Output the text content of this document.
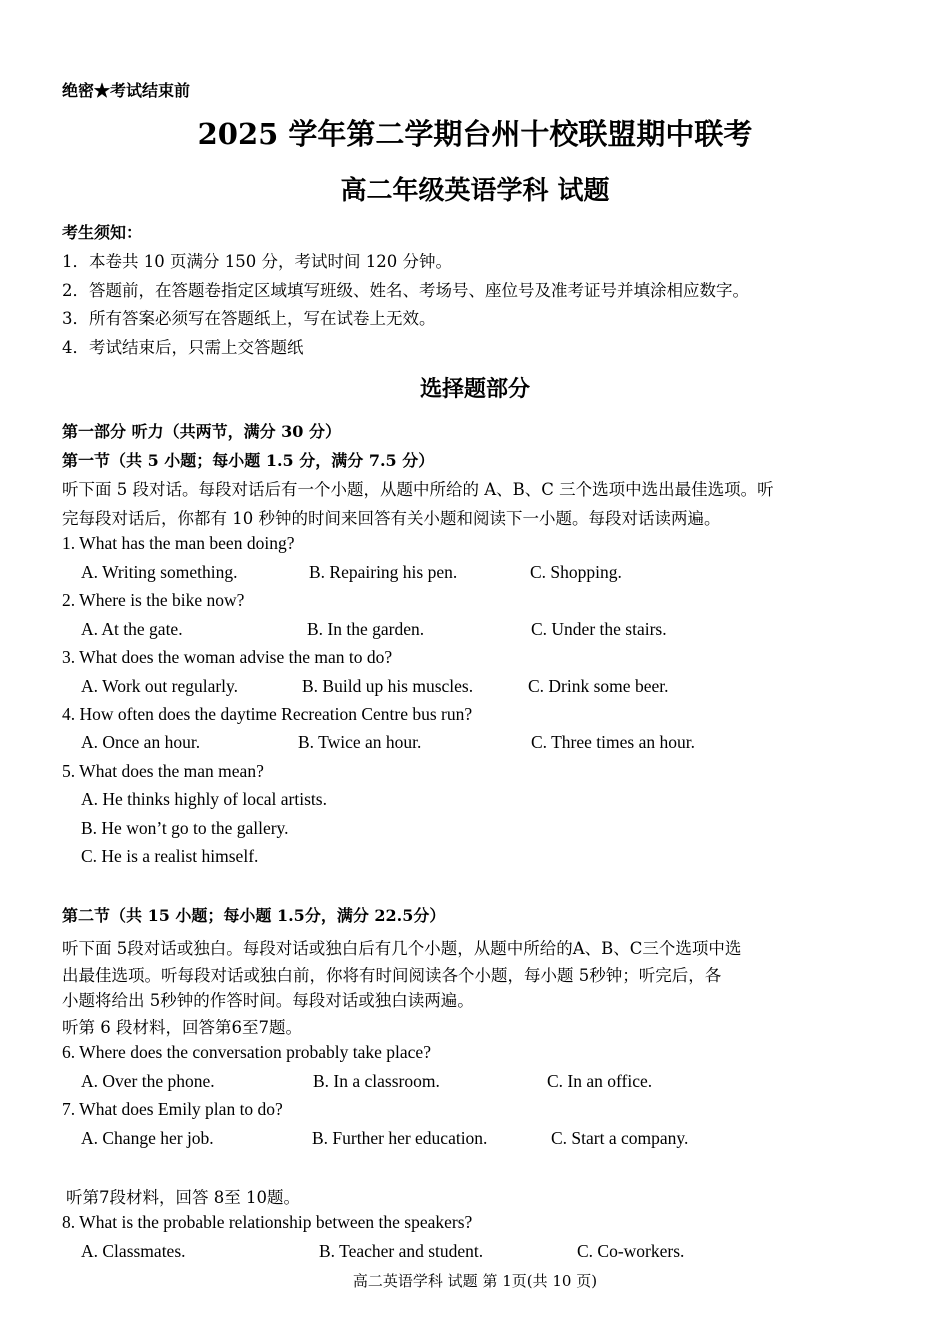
绝密★考试结束前
2025 学年第二学期台州十校联盟期中联考
高二年级英语学科 试题
考生须知：
1．本卷共 10 页满分 150 分，考试时间 120 分钟。
2．答题前，在答题卷指定区域填写班级、姓名、考场号、座位号及准考证号并填涂相应数字。
3．所有答案必须写在答题纸上，写在试卷上无效。
4．考试结束后，只需上交答题纸
选择题部分
第一部分 听力（共两节，满分 30 分）
第一节（共 5 小题；每小题 1.5 分，满分 7.5 分）
听下面 5 段对话。每段对话后有一个小题，从题中所给的 A、B、C 三个选项中选出最佳选项。听
完每段对话后，你都有 10 秒钟的时间来回答有关小题和阅读下一小题。每段对话读两遍。
1. What has the man been doing?
A. Writing something.	B. Repairing his pen.	C. Shopping.
2. Where is the bike now?
A. At the gate.	B. In the garden.	C. Under the stairs.
3. What does the woman advise the man to do?
A. Work out regularly.	B. Build up his muscles.	C. Drink some beer.
4. How often does the daytime Recreation Centre bus run?
A. Once an hour.	B. Twice an hour.	C. Three times an hour.
5. What does the man mean?
A. He thinks highly of local artists.
B. He won’t go to the gallery.
C. He is a realist himself.
第二节（共 15 小题；每小题 1.5分，满分 22.5分）
听下面 5段对话或独白。每段对话或独白后有几个小题，从题中所给的A、B、C三个选项中选
出最佳选项。听每段对话或独白前，你将有时间阅读各个小题，每小题 5秒钟；听完后，各
小题将给出 5秒钟的作答时间。每段对话或独白读两遍。
听第 6 段材料，回答第6至7题。
6. Where does the conversation probably take place?
A. Over the phone.	B. In a classroom.	C. In an office.
7. What does Emily plan to do?
A. Change her job.	B. Further her education.	C. Start a company.
听第7段材料，回答 8至 10题。
8. What is the probable relationship between the speakers?
A. Classmates.	B. Teacher and student.	C. Co-workers.
高二英语学科 试题 第 1页(共 10 页)
